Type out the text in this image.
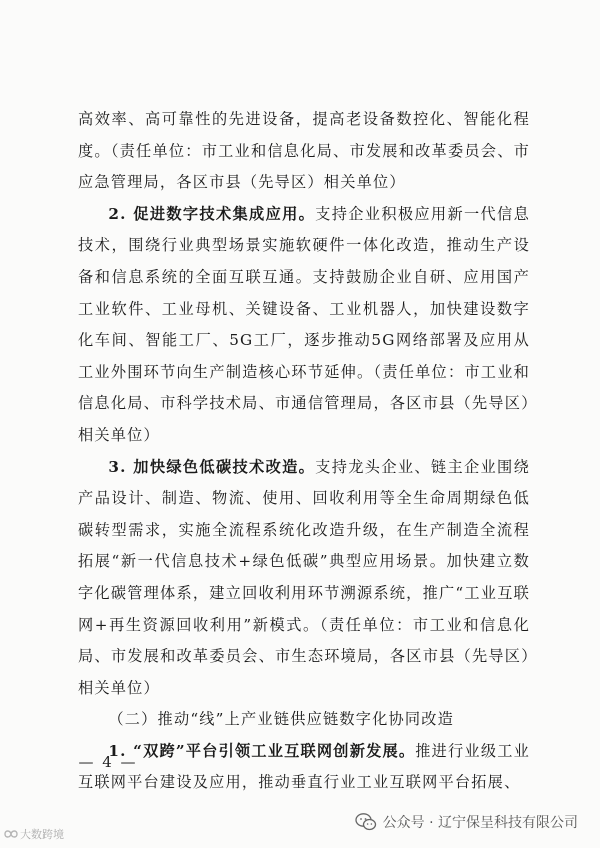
高效率、高可靠性的先进设备，提高老设备数控化、智能化程度。（责任单位：市工业和信息化局、市发展和改革委员会、市应急管理局，各区市县（先导区）相关单位）

2. 促进数字技术集成应用。支持企业积极应用新一代信息技术，围绕行业典型场景实施软硬件一体化改造，推动生产设备和信息系统的全面互联互通。支持鼓励企业自研、应用国产工业软件、工业母机、关键设备、工业机器人，加快建设数字化车间、智能工厂、5G工厂，逐步推动5G网络部署及应用从工业外围环节向生产制造核心环节延伸。（责任单位：市工业和信息化局、市科学技术局、市通信管理局，各区市县（先导区）相关单位）

3. 加快绿色低碳技术改造。支持龙头企业、链主企业围绕产品设计、制造、物流、使用、回收利用等全生命周期绿色低碳转型需求，实施全流程系统化改造升级，在生产制造全流程拓展“新一代信息技术+绿色低碳”典型应用场景。加快建立数字化碳管理体系，建立回收利用环节溯源系统，推广“工业互联网+再生资源回收利用”新模式。（责任单位：市工业和信息化局、市发展和改革委员会、市生态环境局，各区市县（先导区）相关单位）

（二）推动“线”上产业链供应链数字化协同改造

1. “双跨”平台引领工业互联网创新发展。推进行业级工业互联网平台建设及应用，推动垂直行业工业互联网平台拓展、

— 4 —
大数跨境
公众号 · 辽宁保呈科技有限公司
